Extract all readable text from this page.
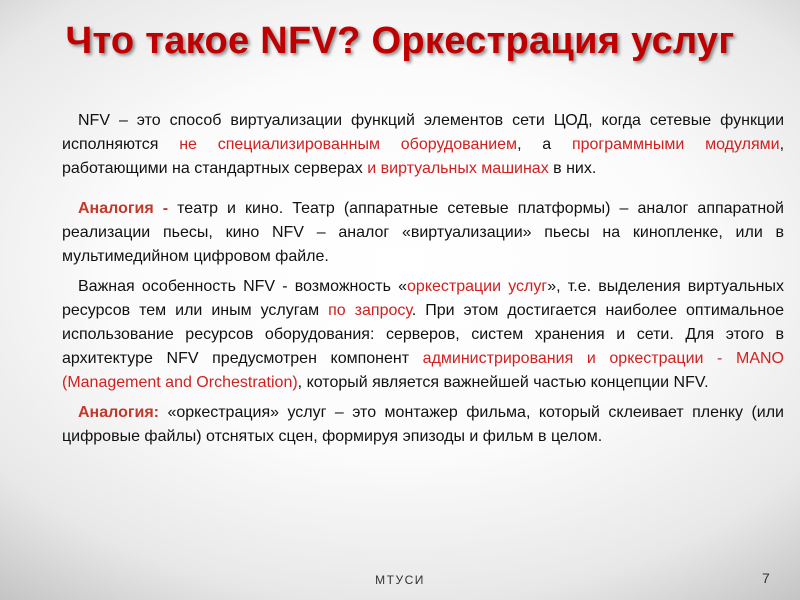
Что такое NFV? Оркестрация услуг

 NFV – это способ виртуализации функций элементов сети ЦОД, когда сетевые функции исполняются не специализированным оборудованием, а программными модулями, работающими на стандартных серверах и виртуальных машинах в них.

 Аналогия - театр и кино. Театр (аппаратные сетевые платформы) – аналог аппаратной реализации пьесы, кино NFV – аналог «виртуализации» пьесы на кинопленке, или в мультимедийном цифровом файле.

 Важная особенность NFV - возможность «оркестрации услуг», т.е. выделения виртуальных ресурсов тем или иным услугам по запросу. При этом достигается наиболее оптимальное использование ресурсов оборудования: серверов, систем хранения и сети. Для этого в архитектуре NFV предусмотрен компонент администрирования и оркестрации - MANO (Management and Orchestration), который является важнейшей частью концепции NFV.

 Аналогия: «оркестрация» услуг – это монтажер фильма, который склеивает пленку (или цифровые файлы) отснятых сцен, формируя эпизоды и фильм в целом.

МТУСИ	7
